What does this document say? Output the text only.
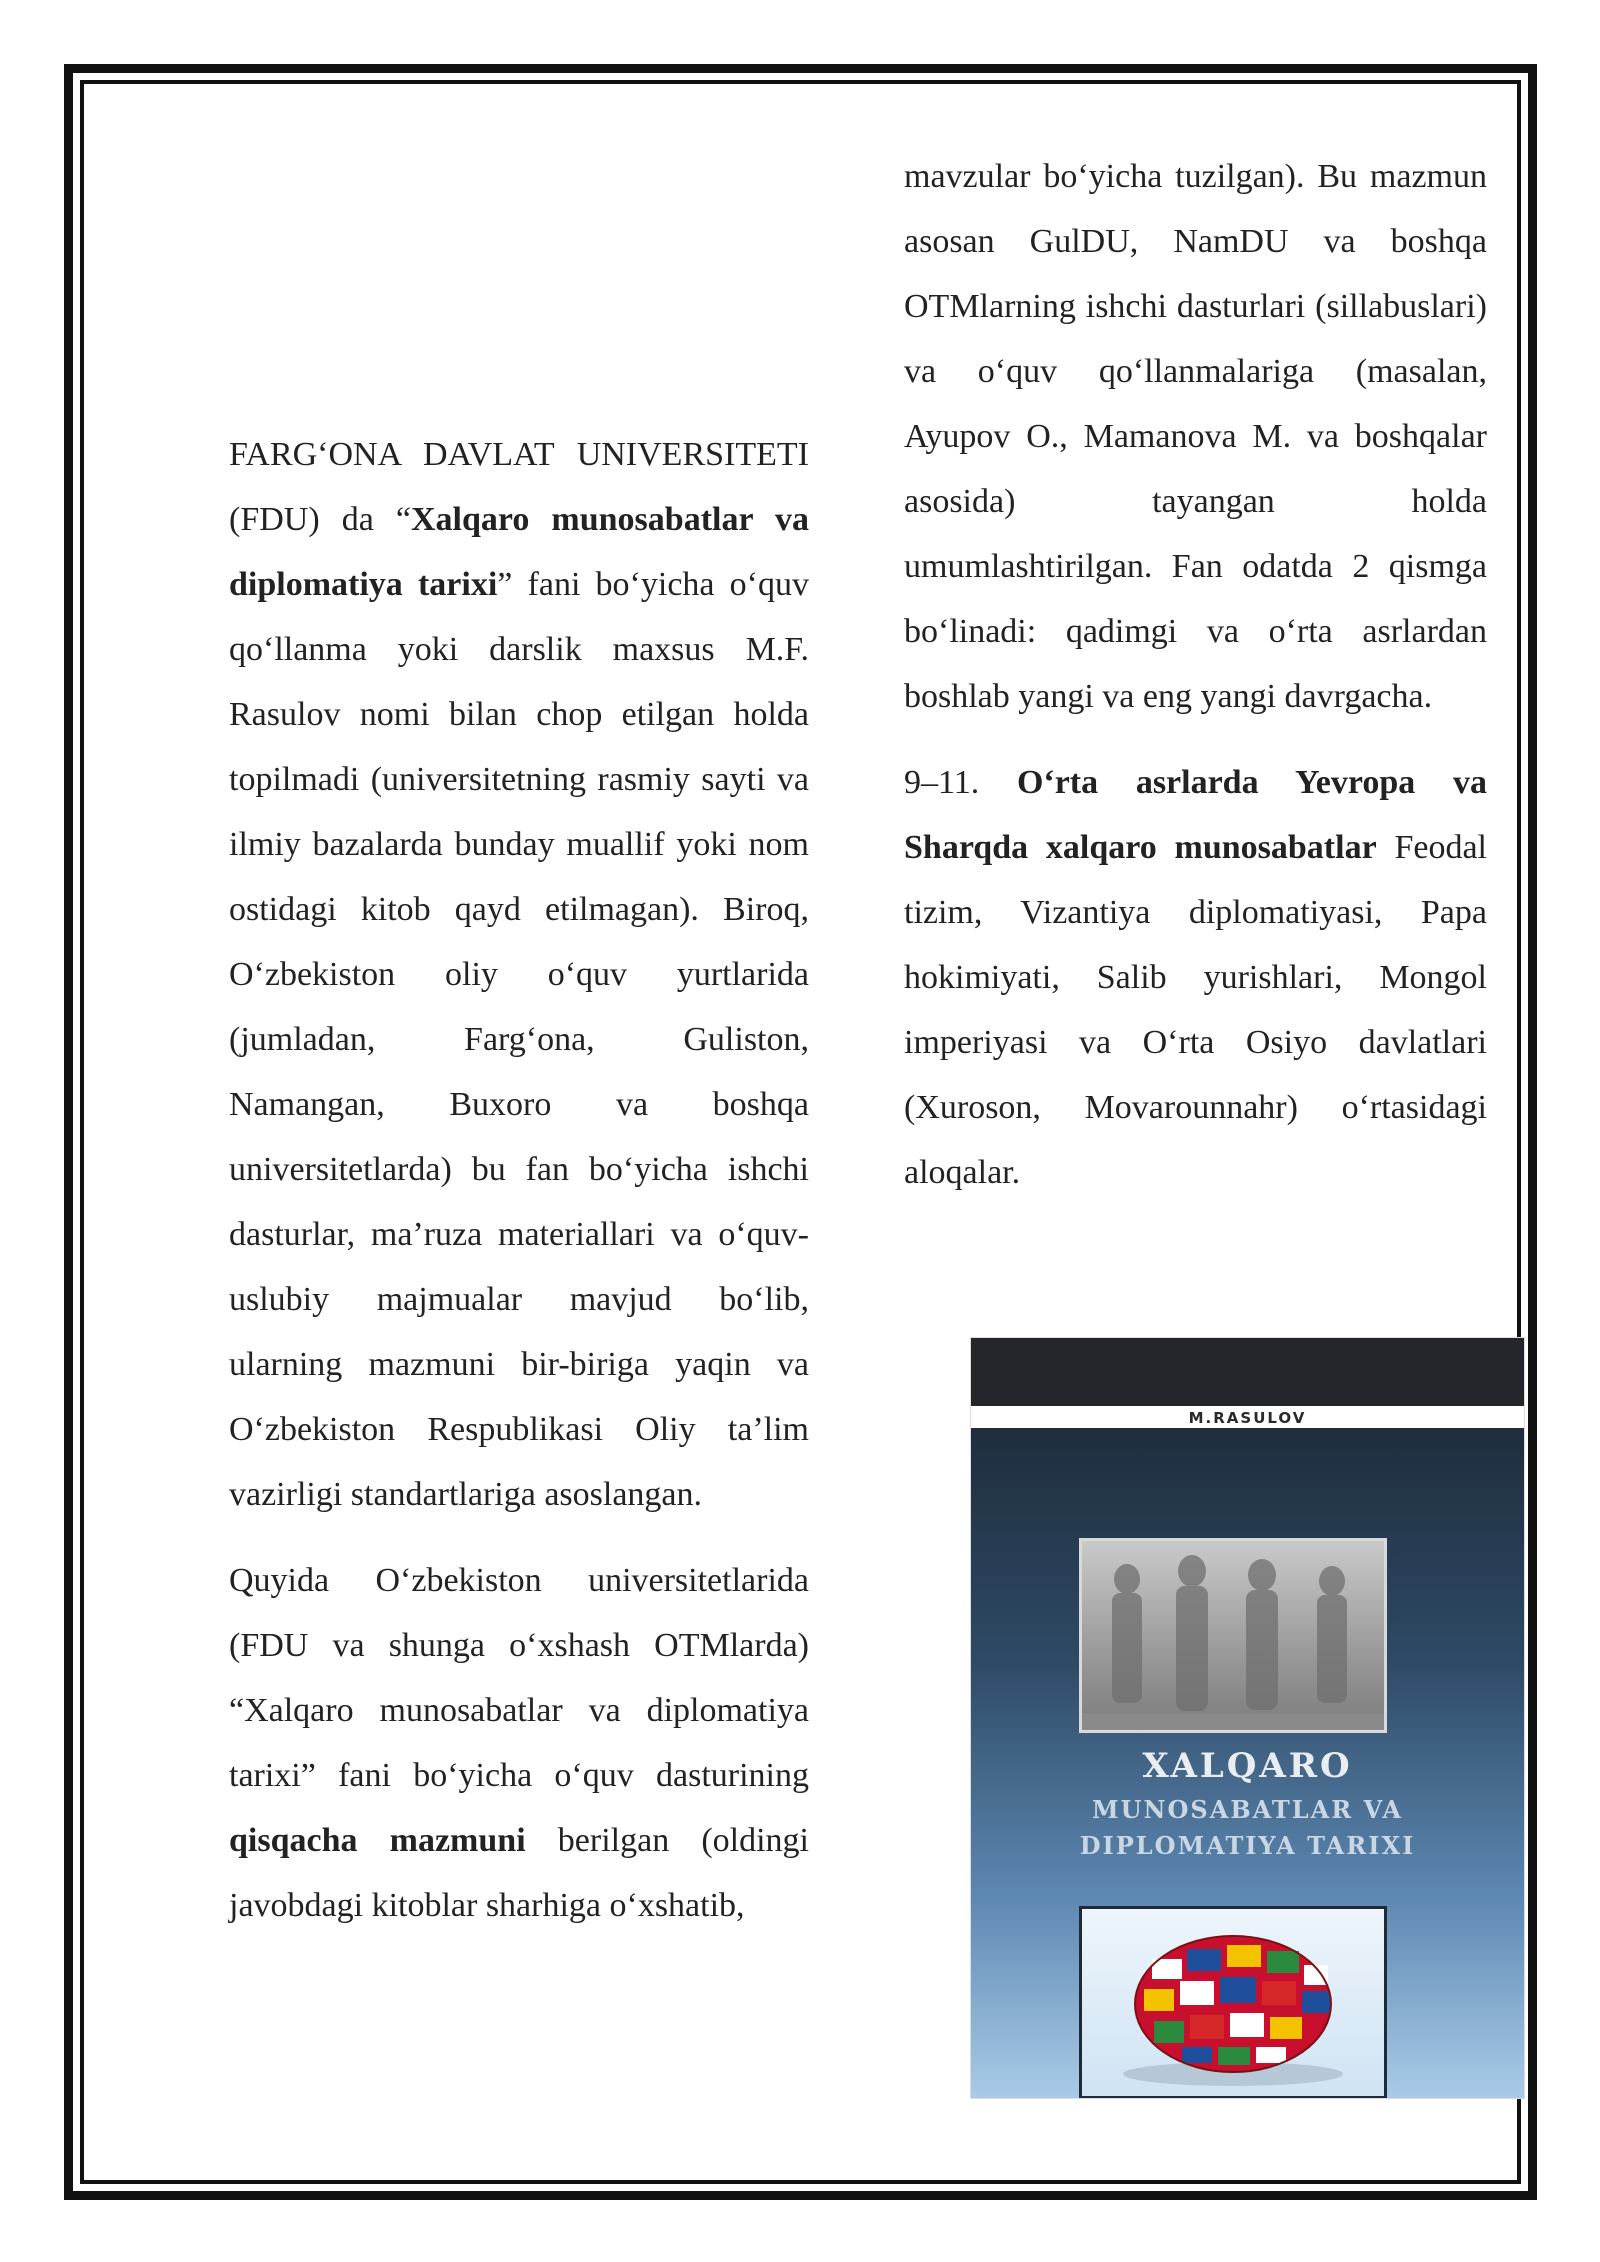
FARG‘ONA DAVLAT UNIVERSITETI (FDU) da “Xalqaro munosabatlar va diplomatiya tarixi” fani bo‘yicha o‘quv qo‘llanma yoki darslik maxsus M.F. Rasulov nomi bilan chop etilgan holda topilmadi (universitetning rasmiy sayti va ilmiy bazalarda bunday muallif yoki nom ostidagi kitob qayd etilmagan). Biroq, O‘zbekiston oliy o‘quv yurtlarida (jumladan, Farg‘ona, Guliston, Namangan, Buxoro va boshqa universitetlarda) bu fan bo‘yicha ishchi dasturlar, ma’ruza materiallari va o‘quv-uslubiy majmualar mavjud bo‘lib, ularning mazmuni bir-biriga yaqin va O‘zbekiston Respublikasi Oliy ta’lim vazirligi standartlariga asoslangan.

Quyida O‘zbekiston universitetlarida (FDU va shunga o‘xshash OTMlarda) “Xalqaro munosabatlar va diplomatiya tarixi” fani bo‘yicha o‘quv dasturining qisqacha mazmuni berilgan (oldingi javobdagi kitoblar sharhiga o‘xshatib,

mavzular bo‘yicha tuzilgan). Bu mazmun asosan GulDU, NamDU va boshqa OTMlarning ishchi dasturlari (sillabuslari) va o‘quv qo‘llanmalariga (masalan, Ayupov O., Mamanova M. va boshqalar asosida) tayangan holda umumlashtirilgan. Fan odatda 2 qismga bo‘linadi: qadimgi va o‘rta asrlardan boshlab yangi va eng yangi davrgacha.

9–11. O‘rta asrlarda Yevropa va Sharqda xalqaro munosabatlar Feodal tizim, Vizantiya diplomatiyasi, Papa hokimiyati, Salib yurishlari, Mongol imperiyasi va O‘rta Osiyo davlatlari (Xuroson, Movarounnahr) o‘rtasidagi aloqalar.

M.RASULOV
XALQARO
MUNOSABATLAR VA
DIPLOMATIYA TARIXI
